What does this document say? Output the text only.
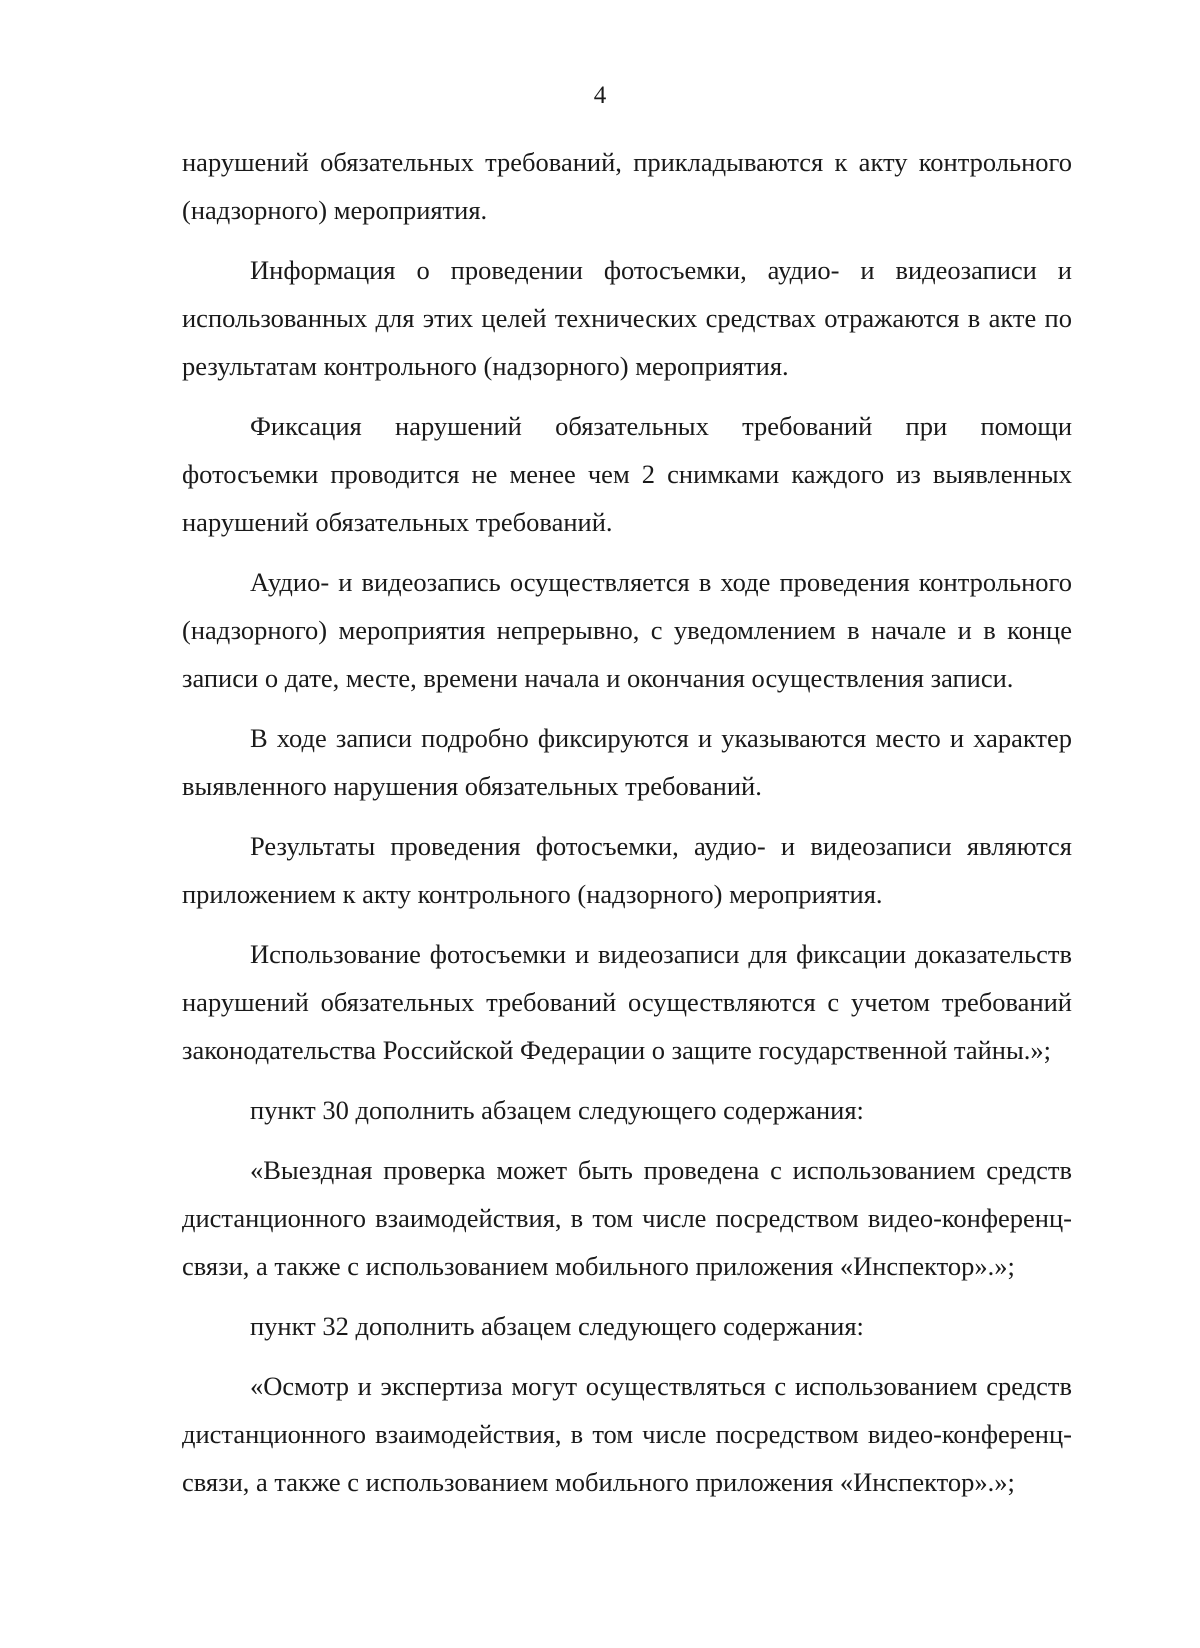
4

нарушений обязательных требований, прикладываются к акту контрольного (надзорного) мероприятия.

Информация о проведении фотосъемки, аудио- и видеозаписи и использованных для этих целей технических средствах отражаются в акте по результатам контрольного (надзорного) мероприятия.

Фиксация нарушений обязательных требований при помощи фотосъемки проводится не менее чем 2 снимками каждого из выявленных нарушений обязательных требований.

Аудио- и видеозапись осуществляется в ходе проведения контрольного (надзорного) мероприятия непрерывно, с уведомлением в начале и в конце записи о дате, месте, времени начала и окончания осуществления записи.

В ходе записи подробно фиксируются и указываются место и характер выявленного нарушения обязательных требований.

Результаты проведения фотосъемки, аудио- и видеозаписи являются приложением к акту контрольного (надзорного) мероприятия.

Использование фотосъемки и видеозаписи для фиксации доказательств нарушений обязательных требований осуществляются с учетом требований законодательства Российской Федерации о защите государственной тайны.»;

пункт 30 дополнить абзацем следующего содержания:

«Выездная проверка может быть проведена с использованием средств дистанционного взаимодействия, в том числе посредством видео-конференц-связи, а также с использованием мобильного приложения «Инспектор».»;

пункт 32 дополнить абзацем следующего содержания:

«Осмотр и экспертиза могут осуществляться с использованием средств дистанционного взаимодействия, в том числе посредством видео-конференц-связи, а также с использованием мобильного приложения «Инспектор».»;
